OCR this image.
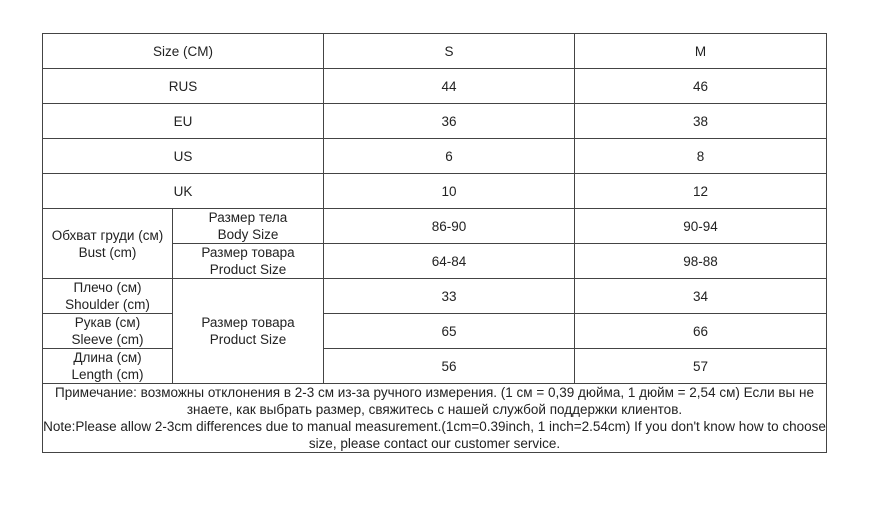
Size (CM)		S	M
RUS		44	46
EU		36	38
US		6	8
UK		10	12

Обхват груди (см)
Bust (cm)	Размер тела
Body Size	86-90	90-94

	Размер товара
Product Size	64-84	98-88

Плечо (см)
Shoulder (cm)	Размер товара
Product Size	33	34

Рукав (см)
Sleeve (cm)		65	66

Длина (см)
Length (cm)		56	57

Примечание: возможны отклонения в 2-3 см из-за ручного измерения. (1 см = 0,39 дюйма, 1 дюйм = 2,54 см) Если вы не знаете, как выбрать размер, свяжитесь с нашей службой поддержки клиентов.
Note:Please allow 2-3cm differences due to manual measurement.(1cm=0.39inch, 1 inch=2.54cm) If you don't know how to choose size, please contact our customer service.			
